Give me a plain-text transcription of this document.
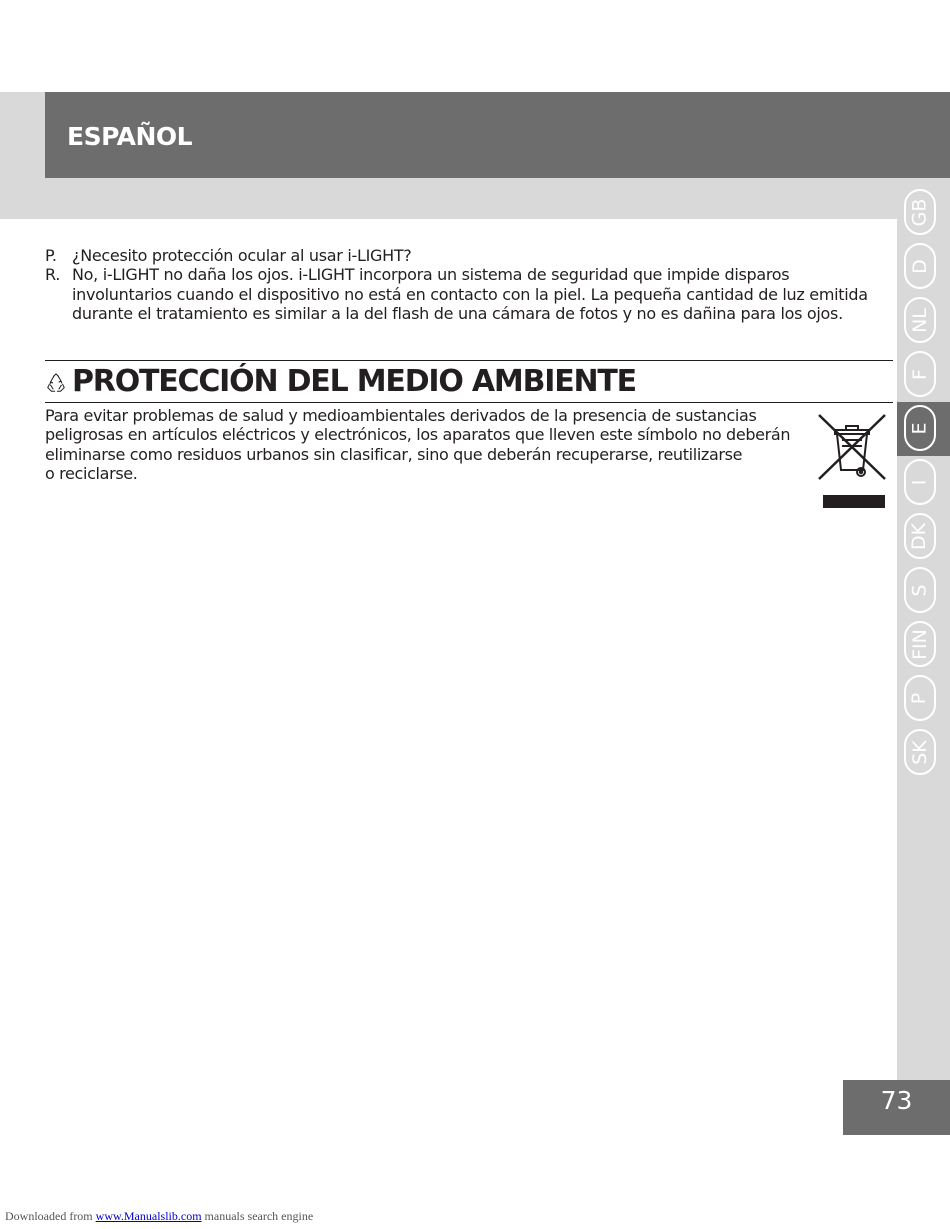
ESPAÑOL
GB
D
NL
F
E
I
DK
S
FIN
P
SK
P. ¿Necesito protección ocular al usar i-LIGHT?
R. No, i-LIGHT no daña los ojos. i-LIGHT incorpora un sistema de seguridad que impide disparos involuntarios cuando el dispositivo no está en contacto con la piel. La pequeña cantidad de luz emitida durante el tratamiento es similar a la del flash de una cámara de fotos y no es dañina para los ojos.
PROTECCIÓN DEL MEDIO AMBIENTE

Para evitar problemas de salud y medioambientales derivados de la presencia de sustancias

peligrosas en artículos eléctricos y electrónicos, los aparatos que lleven este símbolo no deberán

eliminarse como residuos urbanos sin clasificar, sino que deberán recuperarse, reutilizarse

o reciclarse.

73
Downloaded from www.Manualslib.com manuals search engine
